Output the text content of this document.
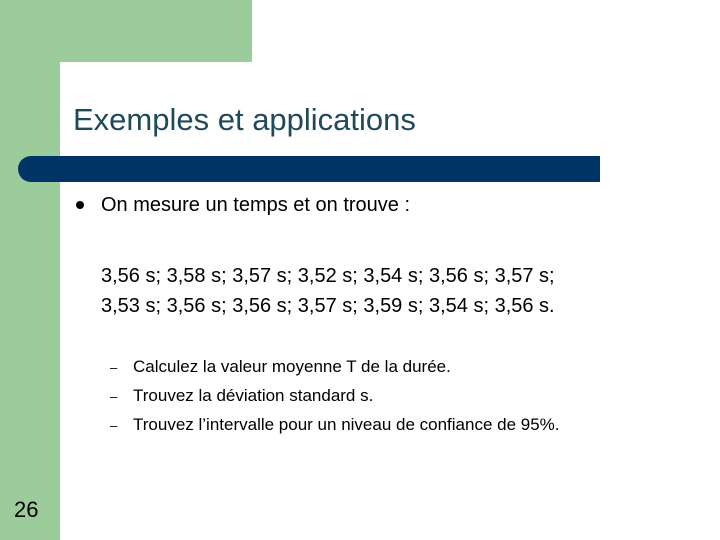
Exemples et applications
On mesure un temps et on trouve :
3,56 s; 3,58 s; 3,57 s; 3,52 s; 3,54 s; 3,56 s; 3,57 s;
3,53 s; 3,56 s; 3,56 s; 3,57 s; 3,59 s; 3,54 s; 3,56 s.
– Calculez la valeur moyenne T de la durée.
– Trouvez la déviation standard s.
– Trouvez l’intervalle pour un niveau de confiance de 95%.
26
